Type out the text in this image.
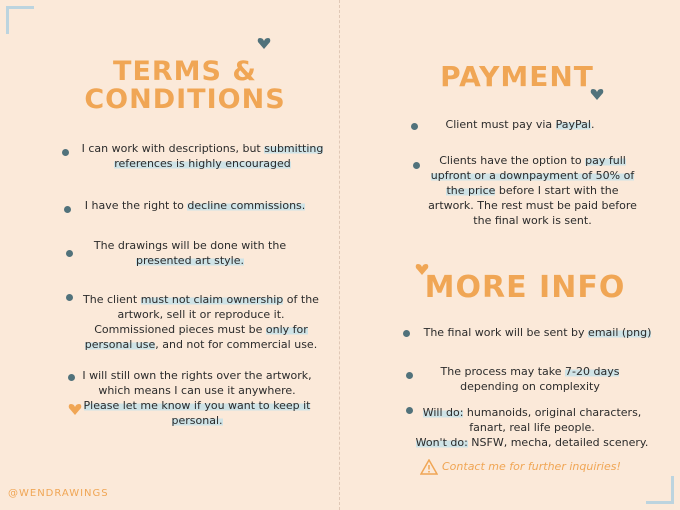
TERMS &
CONDITIONS
I can work with descriptions, but submitting references is highly encouraged
I have the right to decline commissions.
The drawings will be done with the presented art style.
The client must not claim ownership of the artwork, sell it or reproduce it. Commissioned pieces must be only for personal use, and not for commercial use.
I will still own the rights over the artwork, which means I can use it anywhere. Please let me know if you want to keep it personal.
PAYMENT
Client must pay via PayPal.
Clients have the option to pay full upfront or a downpayment of 50% of the price before I start with the artwork. The rest must be paid before the final work is sent.
MORE INFO
The final work will be sent by email (png)
The process may take 7-20 days depending on complexity
Will do: humanoids, original characters, fanart, real life people.
Won't do: NSFW, mecha, detailed scenery.
Contact me for further inquiries!
@WENDRAWINGS
